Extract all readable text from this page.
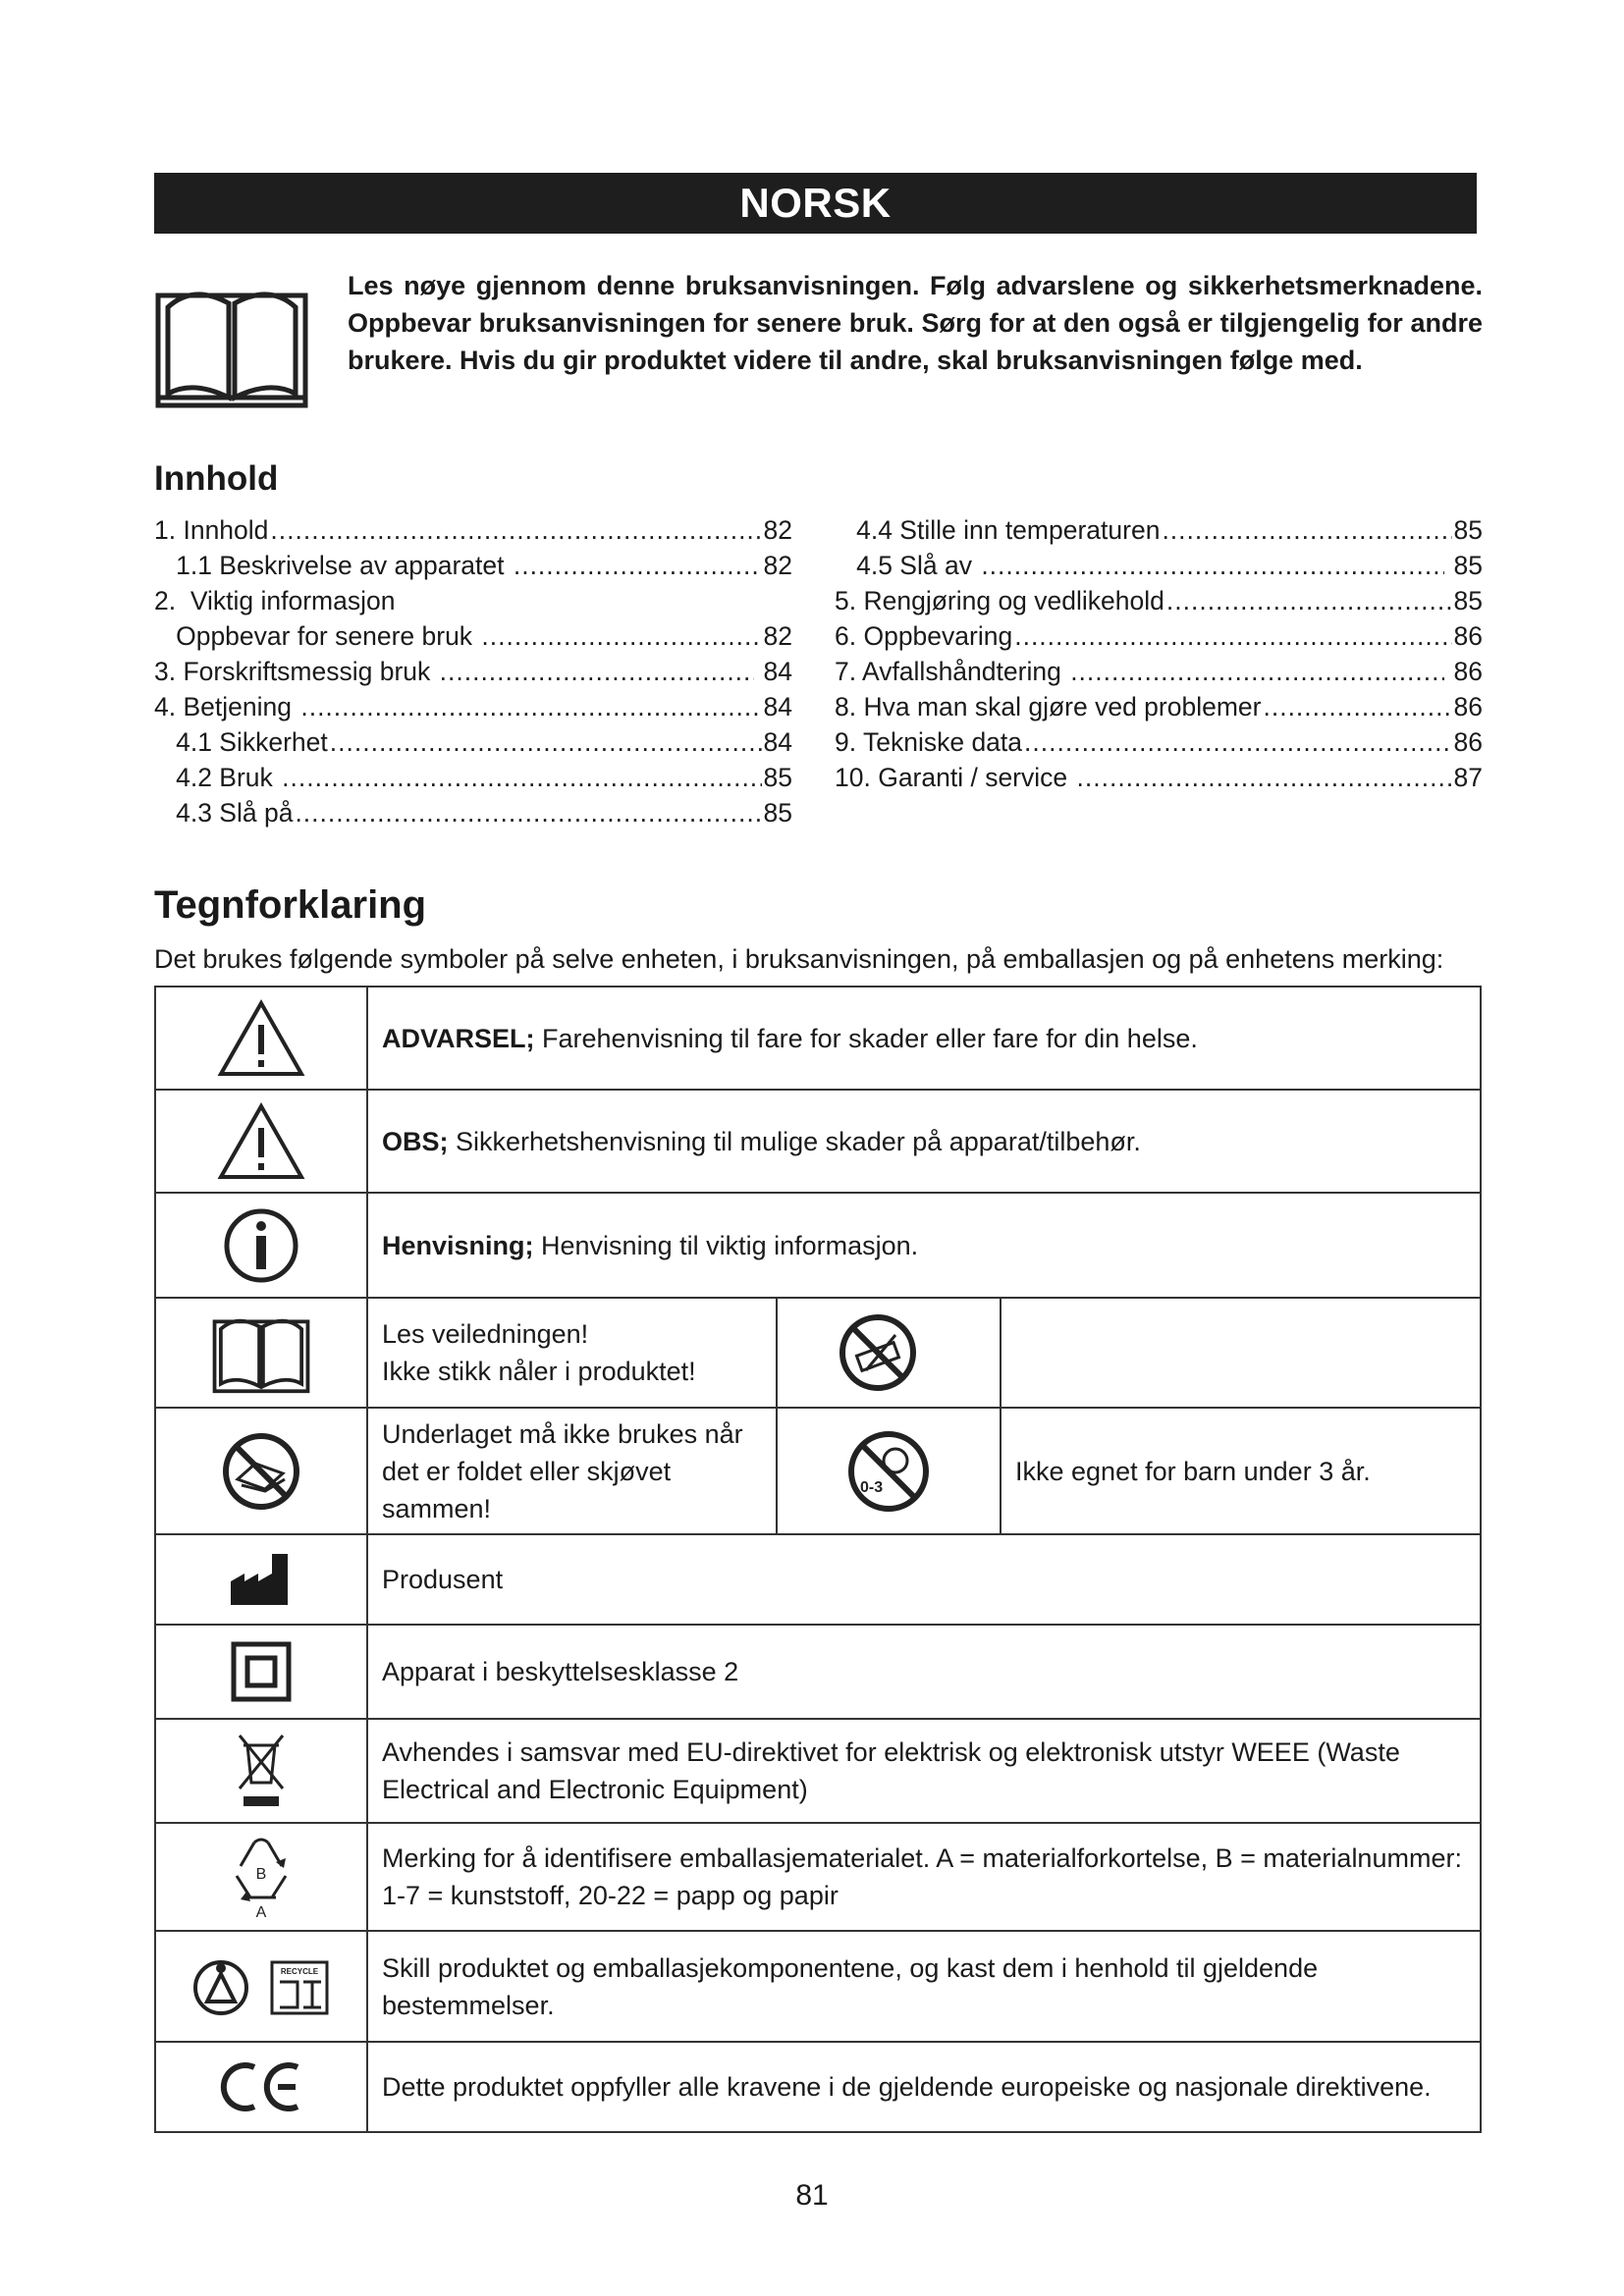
NORSK
Les nøye gjennom denne bruksanvisningen. Følg advarslene og sikkerhetsmerknadene. Oppbevar bruksanvisningen for senere bruk. Sørg for at den også er tilgjengelig for andre brukere. Hvis du gir produktet videre til andre, skal bruksanvisningen følge med.
Innhold
1. Innhold .....	82
1.1 Beskrivelse av apparatet .....	82
2.  Viktig informasjon
Oppbevar for senere bruk .....	82
3. Forskriftsmessig bruk .....	84
4. Betjening .....	84
4.1 Sikkerhet .....	84
4.2 Bruk .....	85
4.3 Slå på .....	85
4.4 Stille inn temperaturen .....	85
4.5 Slå av .....	85
5. Rengjøring og vedlikehold .....	85
6. Oppbevaring .....	86
7. Avfallshåndtering .....	86
8. Hva man skal gjøre ved problemer .....	86
9. Tekniske data .....	86
10. Garanti / service .....	87
Tegnforklaring
Det brukes følgende symboler på selve enheten, i bruksanvisningen, på emballasjen og på enhetens merking:
	ADVARSEL; Farehenvisning til fare for skader eller fare for din helse.		

	OBS; Sikkerhetshenvisning til mulige skader på apparat/tilbehør.		

	Henvisning; Henvisning til viktig informasjon.		

	Les veiledningen! Ikke stikk nåler i produktet!	

	Underlaget må ikke brukes når det er foldet eller skjøvet sammen!	0-3	Ikke egnet for barn under 3 år.

	Produsent		

	Apparat i beskyttelsesklasse 2		

	Avhendes i samsvar med EU-direktivet for elektrisk og elektronisk utstyr WEEE (Waste Electrical and Electronic Equipment)		

B
A	Merking for å identifisere emballasjematerialet. A = materialforkortelse, B = materialnummer: 1-7 = kunststoff, 20-22 = papp og papir		

RECYCLE	Skill produktet og emballasjekomponentene, og kast dem i henhold til gjeldende bestemmelser.		

	Dette produktet oppfyller alle kravene i de gjeldende europeiske og nasjonale direktivene.		
81
